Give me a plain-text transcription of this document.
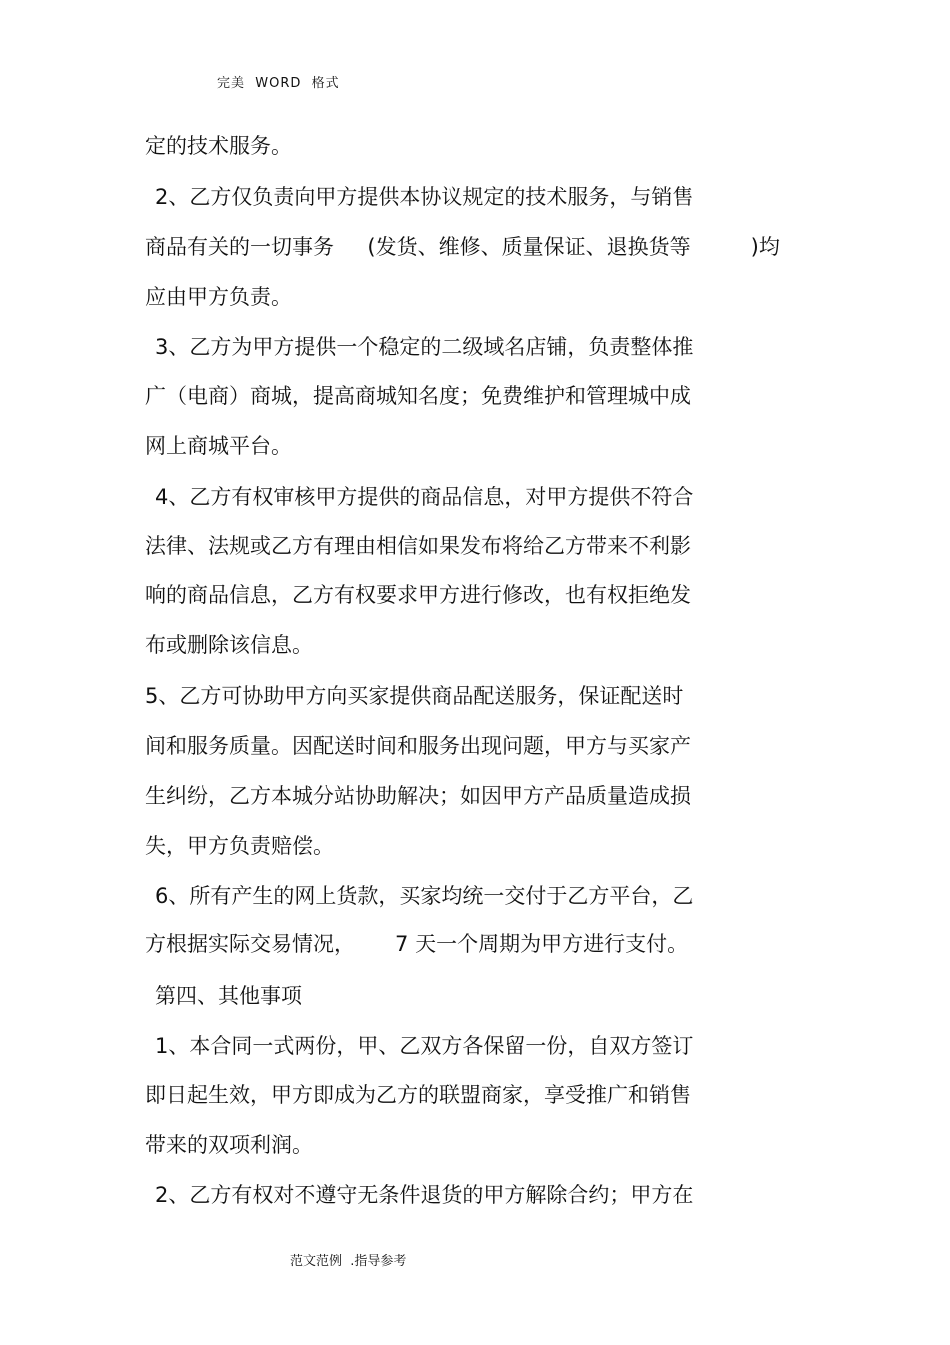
完美  WORD  格式
定的技术服务。
2、乙方仅负责向甲方提供本协议规定的技术服务，与销售
商品有关的一切事务     (发货、维修、质量保证、退换货等         )均
应由甲方负责。
3、乙方为甲方提供一个稳定的二级域名店铺，负责整体推
广（电商）商城，提高商城知名度；免费维护和管理城中成
网上商城平台。
4、乙方有权审核甲方提供的商品信息，对甲方提供不符合
法律、法规或乙方有理由相信如果发布将给乙方带来不利影
响的商品信息，乙方有权要求甲方进行修改，也有权拒绝发
布或删除该信息。
5、乙方可协助甲方向买家提供商品配送服务，保证配送时
间和服务质量。因配送时间和服务出现问题，甲方与买家产
生纠纷，乙方本城分站协助解决；如因甲方产品质量造成损
失，甲方负责赔偿。
6、所有产生的网上货款，买家均统一交付于乙方平台，乙
方根据实际交易情况，      7 天一个周期为甲方进行支付。
第四、其他事项
1、本合同一式两份，甲、乙双方各保留一份，自双方签订
即日起生效，甲方即成为乙方的联盟商家，享受推广和销售
带来的双项利润。
2、乙方有权对不遵守无条件退货的甲方解除合约；甲方在
范文范例  .指导参考
